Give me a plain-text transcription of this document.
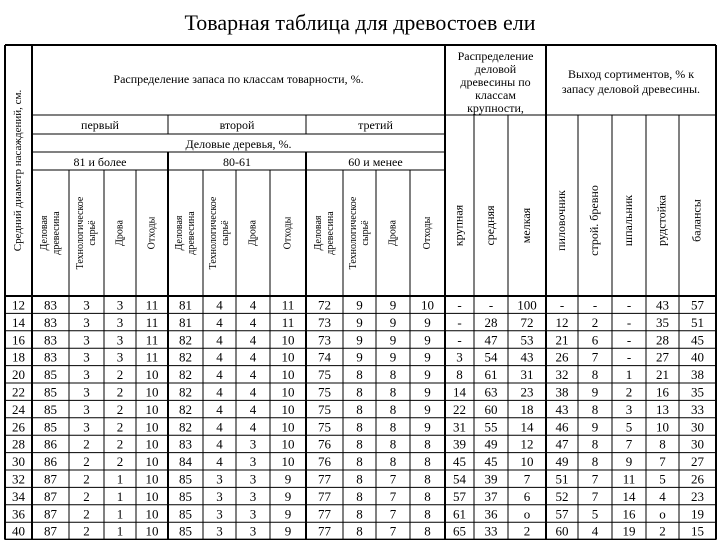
Товарная таблица для древостоев ели
Средний диаметр насаждений, см.
Распределение запаса по классам товарности, %.
Распределение деловой древесины по классам крупности,
Выход сортиментов, % к запасу деловой древесины.
первый
81 и более
второй
80-61
третий
60 и менее
Деловые деревья, %.
Деловая древесина Технологическое сырьё Дрова Отходы Деловая древесина Технологическое сырьё Дрова Отходы Деловая древесина Технологическое сырьё Дрова Отходы крупная средняя мелкая пиловочник строй. бревно шпальник рудстойка балансы
12 83 3 3 11 81 4 4 11 72 9 9 10 - - 100 - - - 43 57
14 83 3 3 11 81 4 4 11 73 9 9 9 - 28 72 12 2 - 35 51
16 83 3 3 11 82 4 4 10 73 9 9 9 - 47 53 21 6 - 28 45
18 83 3 3 11 82 4 4 10 74 9 9 9 3 54 43 26 7 - 27 40
20 85 3 2 10 82 4 4 10 75 8 8 9 8 61 31 32 8 1 21 38
22 85 3 2 10 82 4 4 10 75 8 8 9 14 63 23 38 9 2 16 35
24 85 3 2 10 82 4 4 10 75 8 8 9 22 60 18 43 8 3 13 33
26 85 3 2 10 82 4 4 10 75 8 8 9 31 55 14 46 9 5 10 30
28 86 2 2 10 83 4 3 10 76 8 8 8 39 49 12 47 8 7 8 30
30 86 2 2 10 84 4 3 10 76 8 8 8 45 45 10 49 8 9 7 27
32 87 2 1 10 85 3 3 9 77 8 7 8 54 39 7 51 7 11 5 26
34 87 2 1 10 85 3 3 9 77 8 7 8 57 37 6 52 7 14 4 23
36 87 2 1 10 85 3 3 9 77 8 7 8 61 36 о 57 5 16 о 19
40 87 2 1 10 85 3 3 9 77 8 7 8 65 33 2 60 4 19 2 15
